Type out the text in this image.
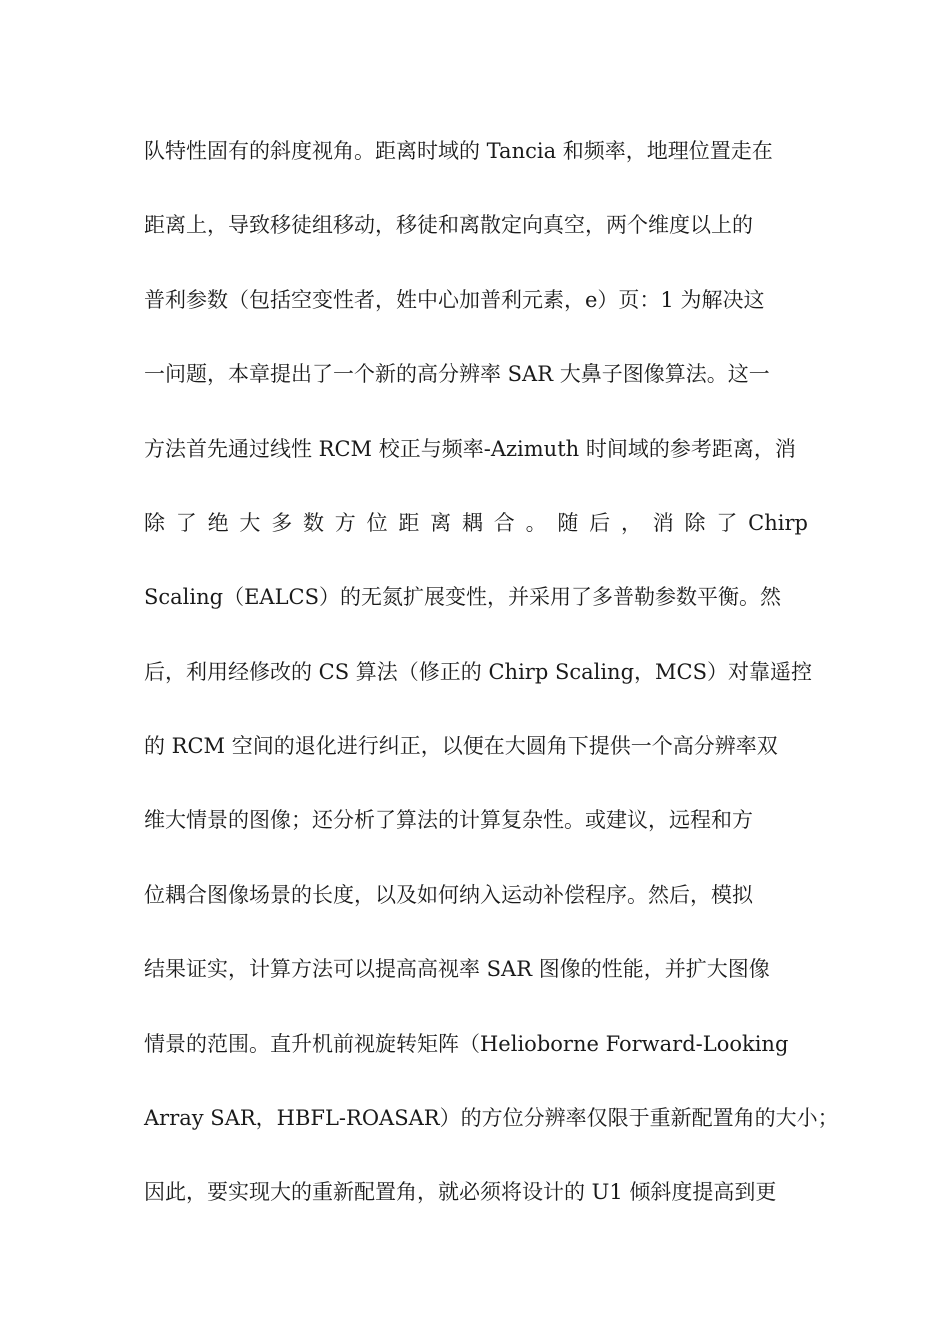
队特性固有的斜度视角。距离时域的 Tancia 和频率，地理位置走在
距离上，导致移徒组移动，移徒和离散定向真空，两个维度以上的
普利参数（包括空变性者，姓中心加普利元素，e）页：1 为解决这
一问题，本章提出了一个新的高分辨率 SAR 大鼻子图像算法。这一
方法首先通过线性 RCM 校正与频率-Azimuth 时间域的参考距离，消
除 了 绝 大 多 数 方 位 距 离 耦 合 。 随 后 ， 消 除 了 Chirp
Scaling（EALCS）的无氮扩展变性，并采用了多普勒参数平衡。然
后，利用经修改的 CS 算法（修正的 Chirp Scaling，MCS）对靠遥控
的 RCM 空间的退化进行纠正，以便在大圆角下提供一个高分辨率双
维大情景的图像；还分析了算法的计算复杂性。或建议，远程和方
位耦合图像场景的长度，以及如何纳入运动补偿程序。然后，模拟
结果证实，计算方法可以提高高视率 SAR 图像的性能，并扩大图像
情景的范围。直升机前视旋转矩阵（Helioborne Forward-Looking
Array SAR，HBFL-ROASAR）的方位分辨率仅限于重新配置角的大小；
因此，要实现大的重新配置角，就必须将设计的 U1 倾斜度提高到更
